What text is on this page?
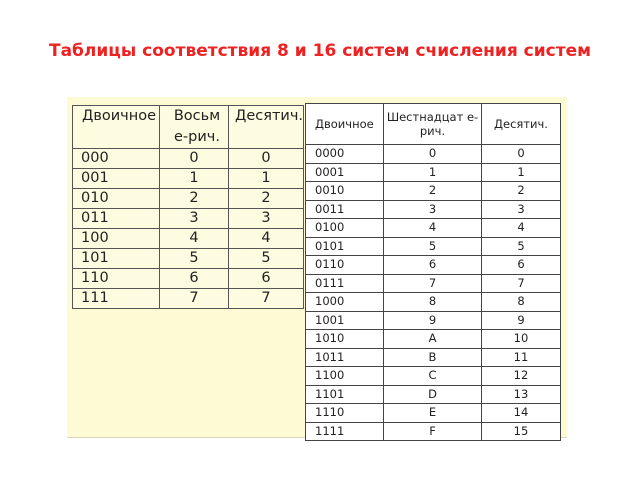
Таблицы соответствия 8 и 16 систем счисления систем
Двоичное	Восьм е-рич.	Десятич.
000	0	0
001	1	1
010	2	2
011	3	3
100	4	4
101	5	5
110	6	6
111	7	7
Двоичное	Шестнадцат е-рич.	Десятич.
0000	0	0
0001	1	1
0010	2	2
0011	3	3
0100	4	4
0101	5	5
0110	6	6
0111	7	7
1000	8	8
1001	9	9
1010	A	10
1011	B	11
1100	C	12
1101	D	13
1110	E	14
1111	F	15
